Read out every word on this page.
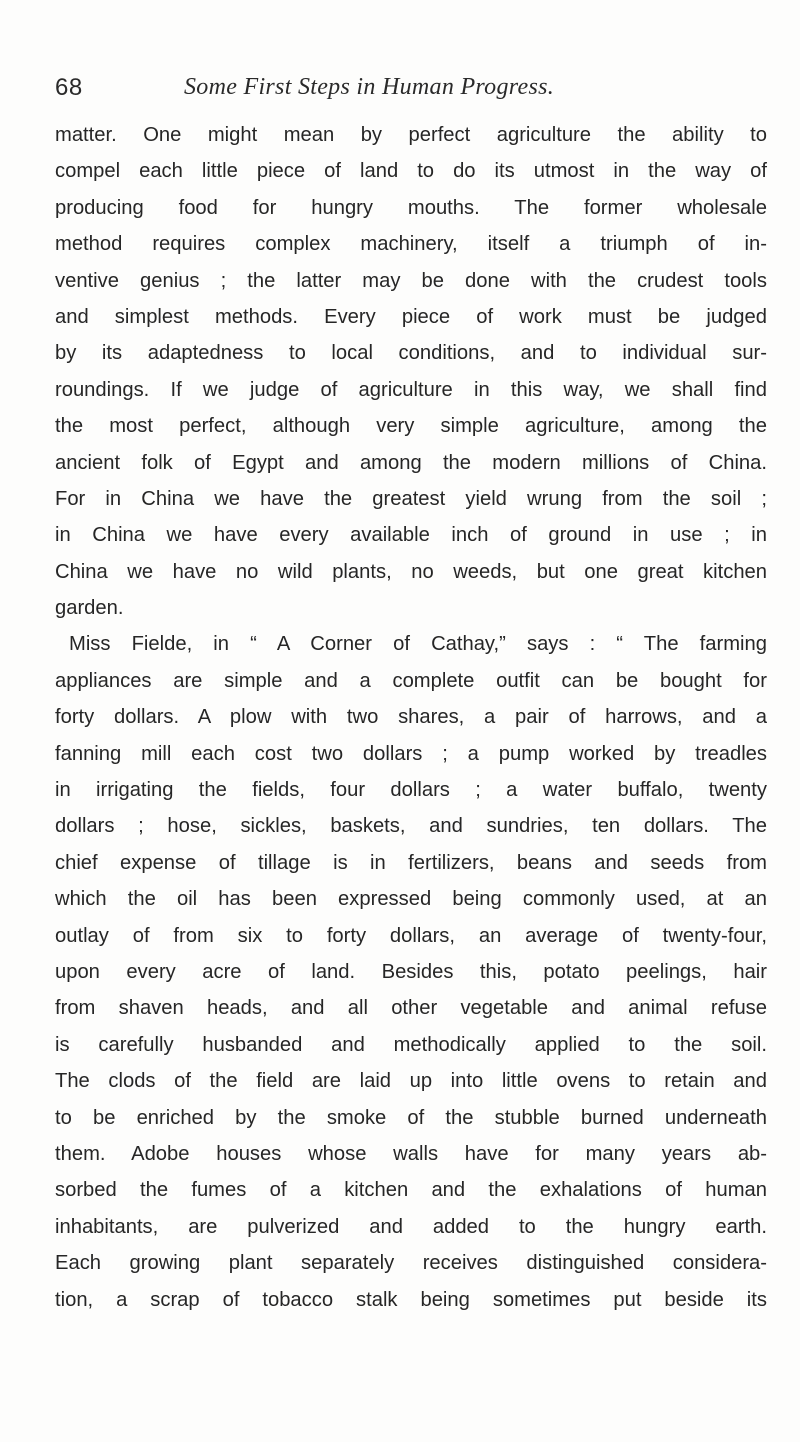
68	Some First Steps in Human Progress.
matter. One might mean by perfect agriculture the ability to
compel each little piece of land to do its utmost in the way of
producing food for hungry mouths. The former wholesale
method requires complex machinery, itself a triumph of in-
ventive genius ; the latter may be done with the crudest tools
and simplest methods. Every piece of work must be judged
by its adaptedness to local conditions, and to individual sur-
roundings. If we judge of agriculture in this way, we shall find
the most perfect, although very simple agriculture, among the
ancient folk of Egypt and among the modern millions of China.
For in China we have the greatest yield wrung from the soil ;
in China we have every available inch of ground in use ; in
China we have no wild plants, no weeds, but one great kitchen
garden.
Miss Fielde, in “ A Corner of Cathay,” says : “ The farming
appliances are simple and a complete outfit can be bought for
forty dollars. A plow with two shares, a pair of harrows, and a
fanning mill each cost two dollars ; a pump worked by treadles
in irrigating the fields, four dollars ; a water buffalo, twenty
dollars ; hose, sickles, baskets, and sundries, ten dollars. The
chief expense of tillage is in fertilizers, beans and seeds from
which the oil has been expressed being commonly used, at an
outlay of from six to forty dollars, an average of twenty-four,
upon every acre of land. Besides this, potato peelings, hair
from shaven heads, and all other vegetable and animal refuse
is carefully husbanded and methodically applied to the soil.
The clods of the field are laid up into little ovens to retain and
to be enriched by the smoke of the stubble burned underneath
them. Adobe houses whose walls have for many years ab-
sorbed the fumes of a kitchen and the exhalations of human
inhabitants, are pulverized and added to the hungry earth.
Each growing plant separately receives distinguished considera-
tion, a scrap of tobacco stalk being sometimes put beside its
